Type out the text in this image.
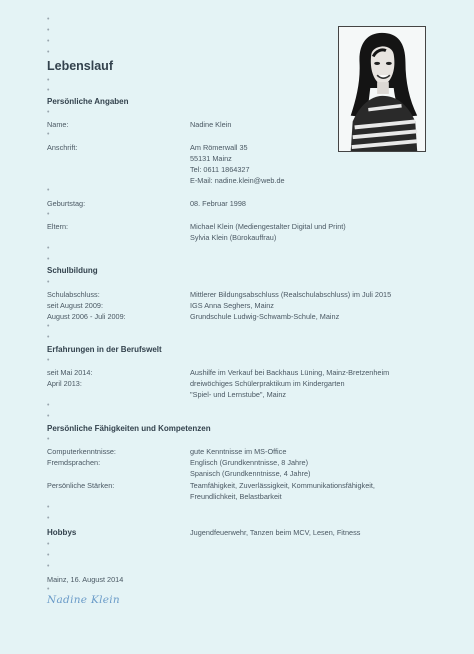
•
•
•
•
Lebenslauf
•
•
Persönliche Angaben
•
Name:	Nadine Klein
•
Anschrift:	Am Römerwall 35
55131 Mainz
Tel: 0611 1864327
E-Mail: nadine.klein@web.de
•
Geburtstag:	08. Februar 1998
•
Eltern:	Michael Klein (Mediengestalter Digital und Print)
Sylvia Klein (Bürokauffrau)
•
•
Schulbildung
•
Schulabschluss:	Mittlerer Bildungsabschluss (Realschulabschluss) im Juli 2015
seit August 2009:	IGS Anna Seghers, Mainz
August 2006 - Juli 2009:	Grundschule Ludwig-Schwamb-Schule, Mainz
•
•
Erfahrungen in der Berufswelt
•
seit Mai 2014:	Aushilfe im Verkauf bei Backhaus Lüning, Mainz-Bretzenheim
April 2013:	dreiwöchiges Schülerpraktikum im Kindergarten
"Spiel- und Lernstube", Mainz
•
•
Persönliche Fähigkeiten und Kompetenzen
•
Computerkenntnisse:	gute Kenntnisse im MS-Office
Fremdsprachen:	Englisch (Grundkenntnisse, 8 Jahre)
Spanisch (Grundkenntnisse, 4 Jahre)
Persönliche Stärken:	Teamfähigkeit, Zuverlässigkeit, Kommunikationsfähigkeit,
Freundlichkeit, Belastbarkeit
•
•
Hobbys	Jugendfeuerwehr, Tanzen beim MCV, Lesen, Fitness
•
•
•
Mainz, 16. August 2014
•
Nadine Klein
